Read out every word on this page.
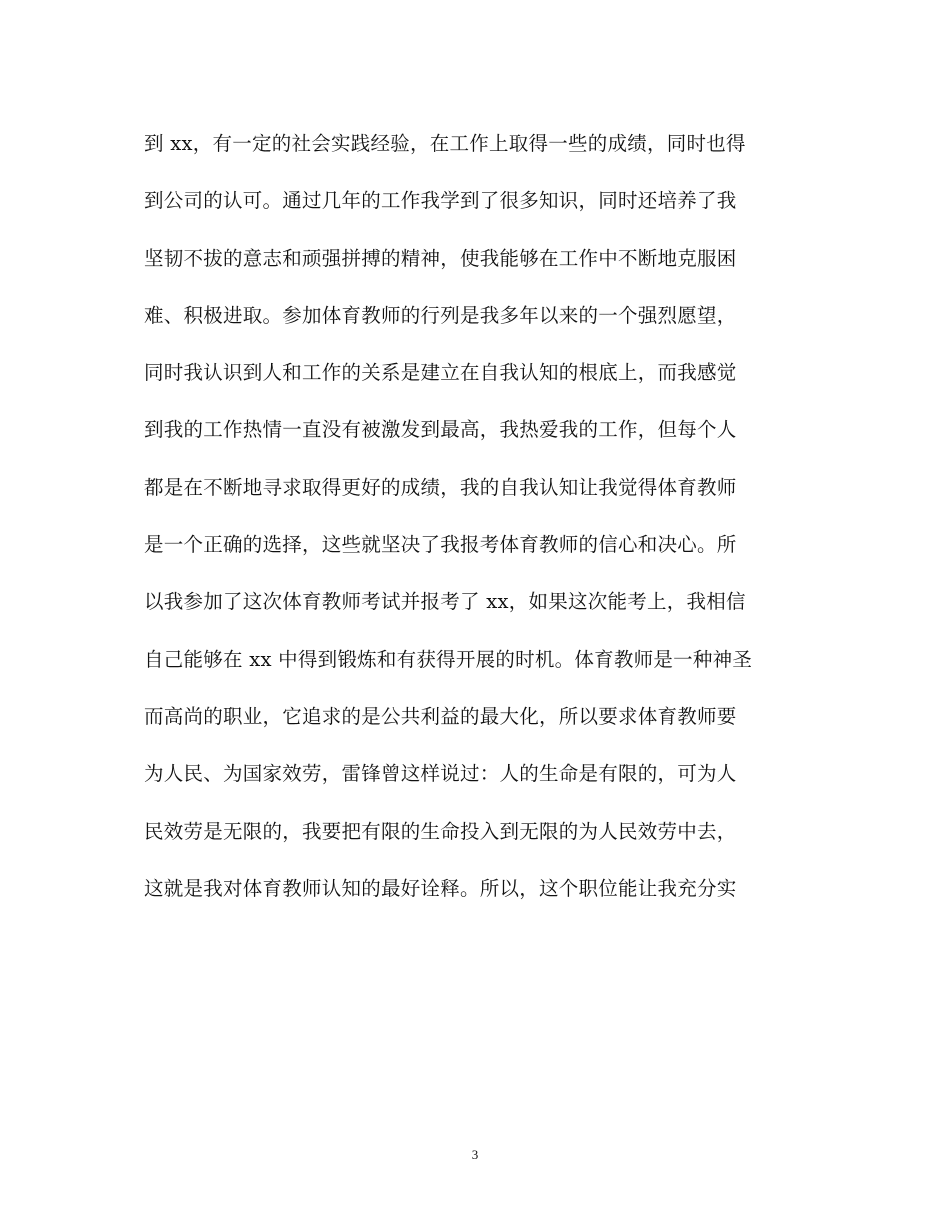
到 xx，有一定的社会实践经验，在工作上取得一些的成绩，同时也得
到公司的认可。通过几年的工作我学到了很多知识，同时还培养了我
坚韧不拔的意志和顽强拼搏的精神，使我能够在工作中不断地克服困
难、积极进取。参加体育教师的行列是我多年以来的一个强烈愿望，
同时我认识到人和工作的关系是建立在自我认知的根底上，而我感觉
到我的工作热情一直没有被激发到最高，我热爱我的工作，但每个人
都是在不断地寻求取得更好的成绩，我的自我认知让我觉得体育教师
是一个正确的选择，这些就坚决了我报考体育教师的信心和决心。所
以我参加了这次体育教师考试并报考了 xx，如果这次能考上，我相信
自己能够在 xx 中得到锻炼和有获得开展的时机。体育教师是一种神圣
而高尚的职业，它追求的是公共利益的最大化，所以要求体育教师要
为人民、为国家效劳，雷锋曾这样说过：人的生命是有限的，可为人
民效劳是无限的，我要把有限的生命投入到无限的为人民效劳中去，
这就是我对体育教师认知的最好诠释。所以，这个职位能让我充分实
3
